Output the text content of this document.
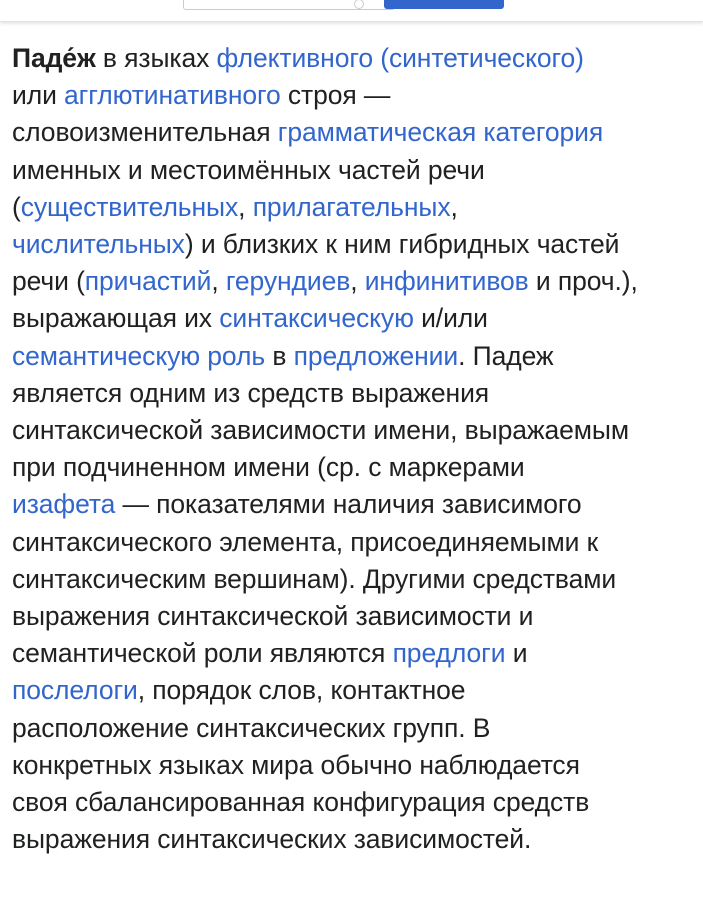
Паде́ж в языках флективного (синтетического)
или агглютинативного строя —
словоизменительная грамматическая категория
именных и местоимённых частей речи
(существительных, прилагательных,
числительных) и близких к ним гибридных частей
речи (причастий, герундиев, инфинитивов и проч.),
выражающая их синтаксическую и/или
семантическую роль в предложении. Падеж
является одним из средств выражения
синтаксической зависимости имени, выражаемым
при подчиненном имени (ср. с маркерами
изафета — показателями наличия зависимого
синтаксического элемента, присоединяемыми к
синтаксическим вершинам). Другими средствами
выражения синтаксической зависимости и
семантической роли являются предлоги и
послелоги, порядок слов, контактное
расположение синтаксических групп. В
конкретных языках мира обычно наблюдается
своя сбалансированная конфигурация средств
выражения синтаксических зависимостей.
